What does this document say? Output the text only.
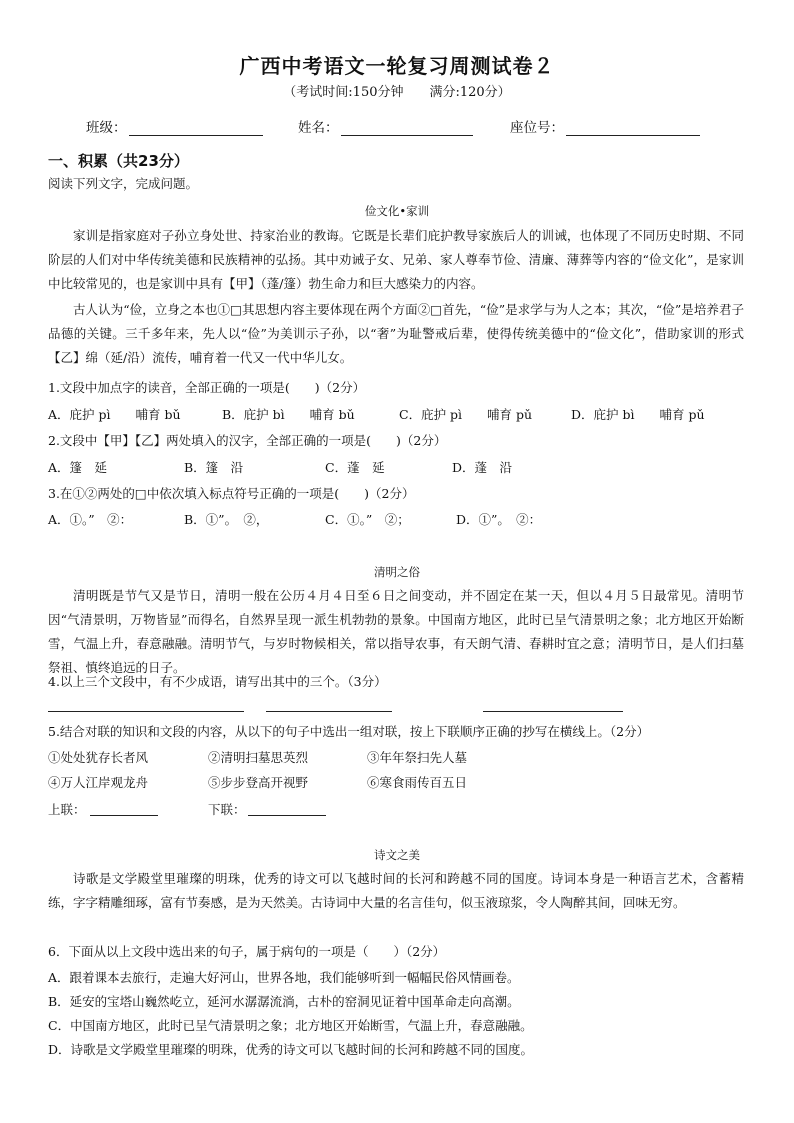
广西中考语文一轮复习周测试卷２
（考试时间:150分钟　　满分:120分）
班级：	姓名：	座位号：
一、积累（共23分）
阅读下列文字，完成问题。
俭文化•家训
家训是指家庭对子孙立身处世、持家治业的教诲。它既是长辈们庇护教导家族后人的训诫，也体现了不同历史时期、不同阶层的人们对中华传统美德和民族精神的弘扬。其中劝诫子女、兄弟、家人尊奉节俭、清廉、薄葬等内容的“俭文化”，是家训中比较常见的，也是家训中具有【甲】（蓬/篷）勃生命力和巨大感染力的内容。
古人认为“俭，立身之本也①□其思想内容主要体现在两个方面②□首先，“俭”是求学与为人之本；其次，“俭”是培养君子品德的关键。三千多年来，先人以“俭”为美训示子孙，以“奢”为耻警戒后辈，使得传统美德中的“俭文化”，借助家训的形式【乙】绵（延/沿）流传，哺育着一代又一代中华儿女。
1.文段中加点字的读音，全部正确的一项是(　　)（2分）
A．庇护 pì　　哺育 bǔ	B．庇护 bì　　哺育 bǔ	C．庇护 pì　　哺育 pǔ	D．庇护 bì　　哺育 pǔ
2.文段中【甲】【乙】两处填入的汉字，全部正确的一项是(　　)（2分）
A．篷　延	B．篷　沿	C．蓬　延	D．蓬　沿
3.在①②两处的□中依次填入标点符号正确的一项是(　　)（2分）
A．①。”　②：	B．①”。　②，	C．①。”　②；	D．①”。　②：
清明之俗
清明既是节气又是节日，清明一般在公历４月４日至６日之间变动，并不固定在某一天，但以４月５日最常见。清明节因“气清景明，万物皆显”而得名，自然界呈现一派生机勃勃的景象。中国南方地区，此时已呈气清景明之象；北方地区开始断雪，气温上升，春意融融。清明节气，与岁时物候相关，常以指导农事，有天朗气清、春耕时宜之意；清明节日，是人们扫墓祭祖、慎终追远的日子。
4.以上三个文段中，有不少成语，请写出其中的三个。（3分）
5.结合对联的知识和文段的内容，从以下的句子中选出一组对联，按上下联顺序正确的抄写在横线上。（2分）
①处处犹存长者风	②清明扫墓思英烈	③年年祭扫先人墓
④万人江岸观龙舟	⑤步步登高开视野	⑥寒食雨传百五日
上联：	下联：
诗文之美
诗歌是文学殿堂里璀璨的明珠，优秀的诗文可以飞越时间的长河和跨越不同的国度。诗词本身是一种语言艺术，含蓄精练，字字精雕细琢，富有节奏感，是为天然美。古诗词中大量的名言佳句，似玉液琼浆，令人陶醉其间，回味无穷。
6．下面从以上文段中选出来的句子，属于病句的一项是（　　）（2分）
A．跟着课本去旅行，走遍大好河山，世界各地，我们能够听到一幅幅民俗风情画卷。
B．延安的宝塔山巍然屹立，延河水潺潺流淌，古朴的窑洞见证着中国革命走向高潮。
C．中国南方地区，此时已呈气清景明之象；北方地区开始断雪，气温上升，春意融融。
D．诗歌是文学殿堂里璀璨的明珠，优秀的诗文可以飞越时间的长河和跨越不同的国度。
